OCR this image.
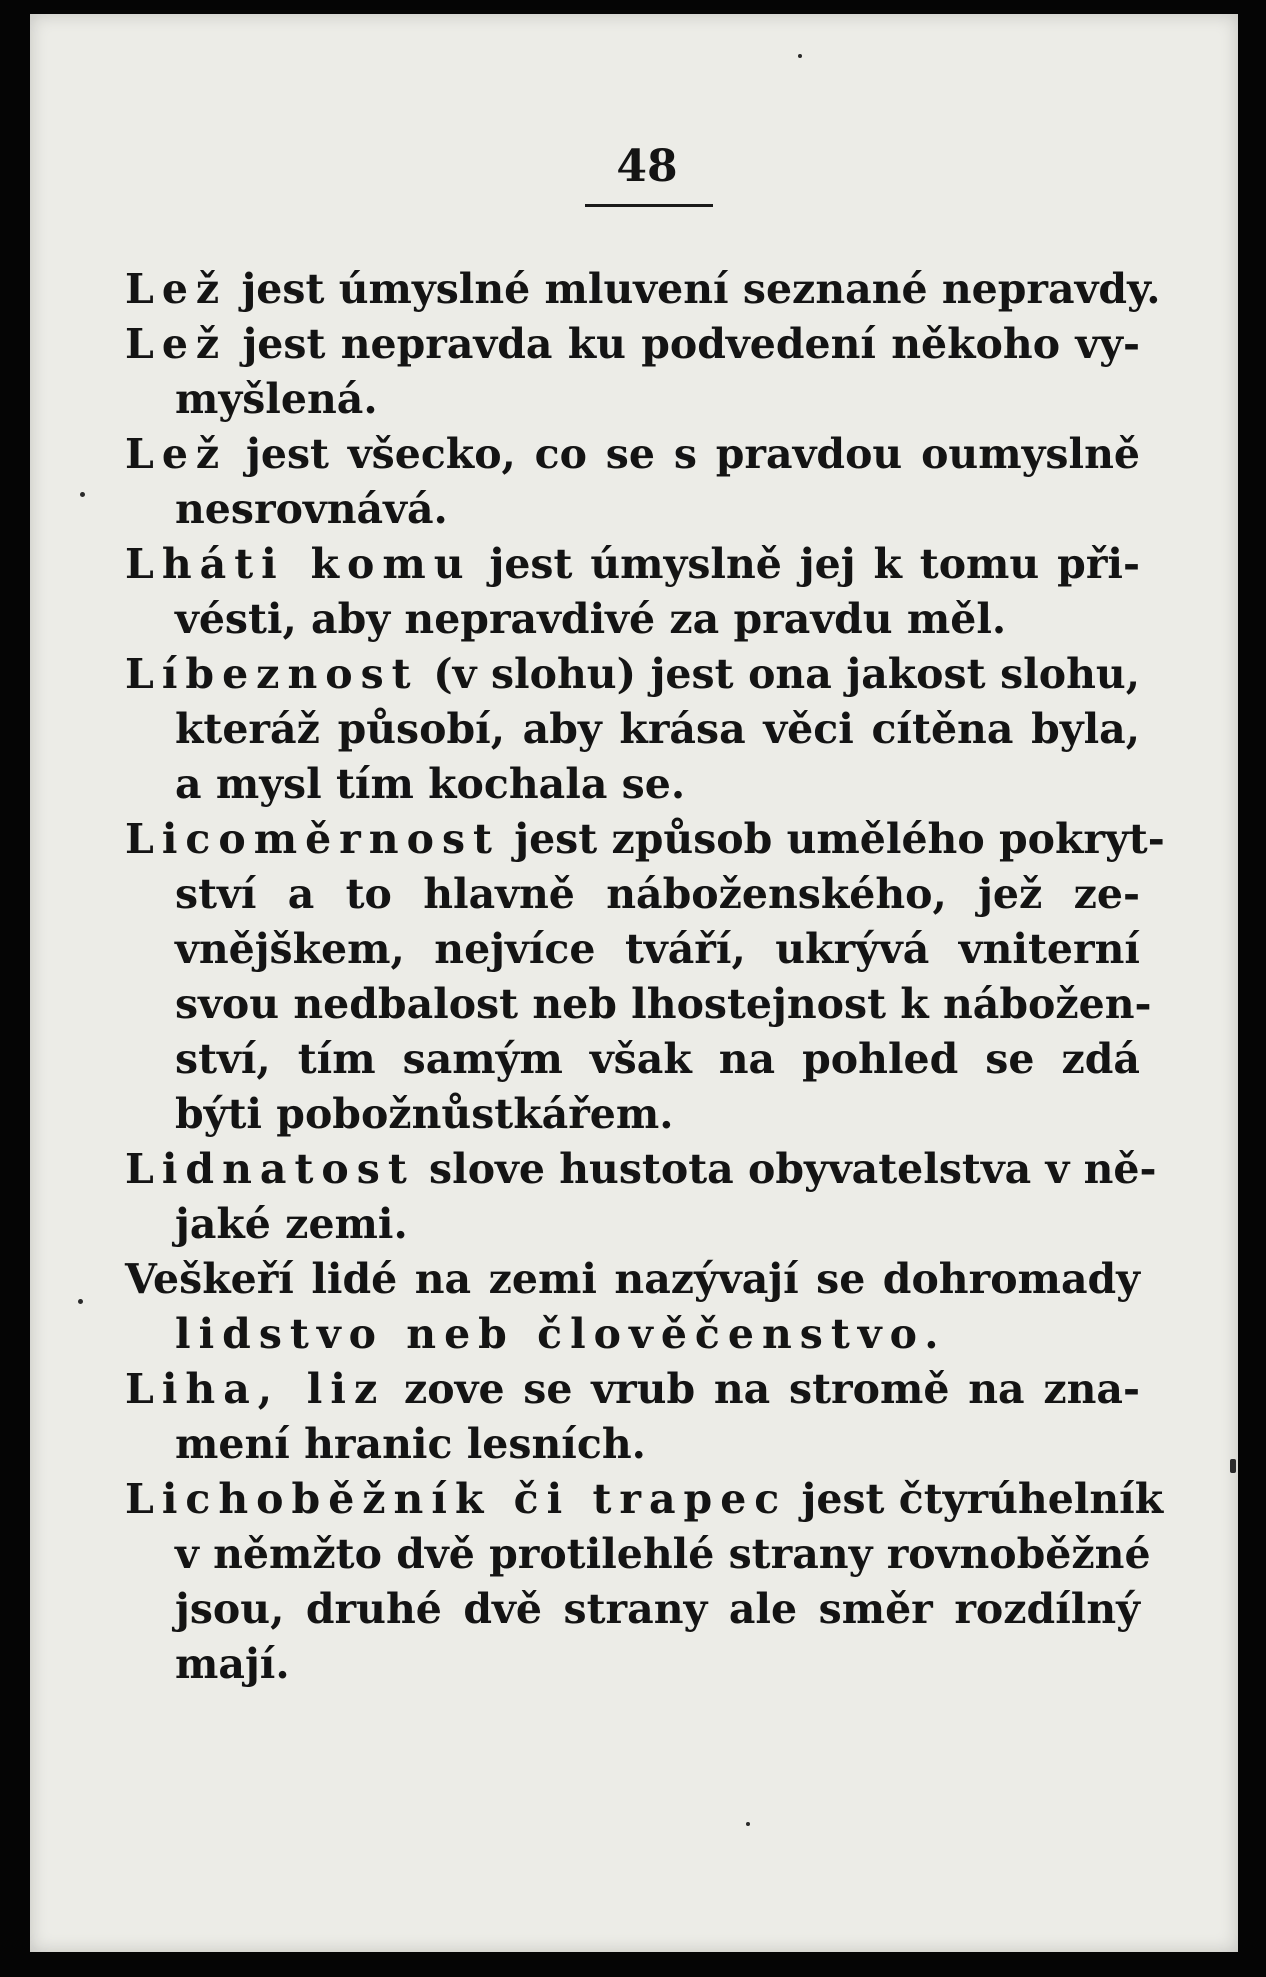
48
Lež jest úmyslné mluvení seznané nepravdy.
Lež jest nepravda ku podvedení někoho vy-
myšlená.
Lež jest všecko, co se s pravdou oumyslně
nesrovnává.
Lháti komu jest úmyslně jej k tomu při-
vésti, aby nepravdivé za pravdu měl.
Líbeznost (v slohu) jest ona jakost slohu,
kteráž působí, aby krása věci cítěna byla,
a mysl tím kochala se.
Licoměrnost jest způsob umělého pokryt-
ství a to hlavně náboženského, jež ze-
vnějškem, nejvíce tváří, ukrývá vniterní
svou nedbalost neb lhostejnost k nábožen-
ství, tím samým však na pohled se zdá
býti pobožnůstkářem.
Lidnatost slove hustota obyvatelstva v ně-
jaké zemi.
Veškeří lidé na zemi nazývají se dohromady
lidstvo neb člověčenstvo.
Liha, liz zove se vrub na stromě na zna-
mení hranic lesních.
Lichoběžník či trapec jest čtyrúhelník
v němžto dvě protilehlé strany rovnoběžné
jsou, druhé dvě strany ale směr rozdílný
mají.
